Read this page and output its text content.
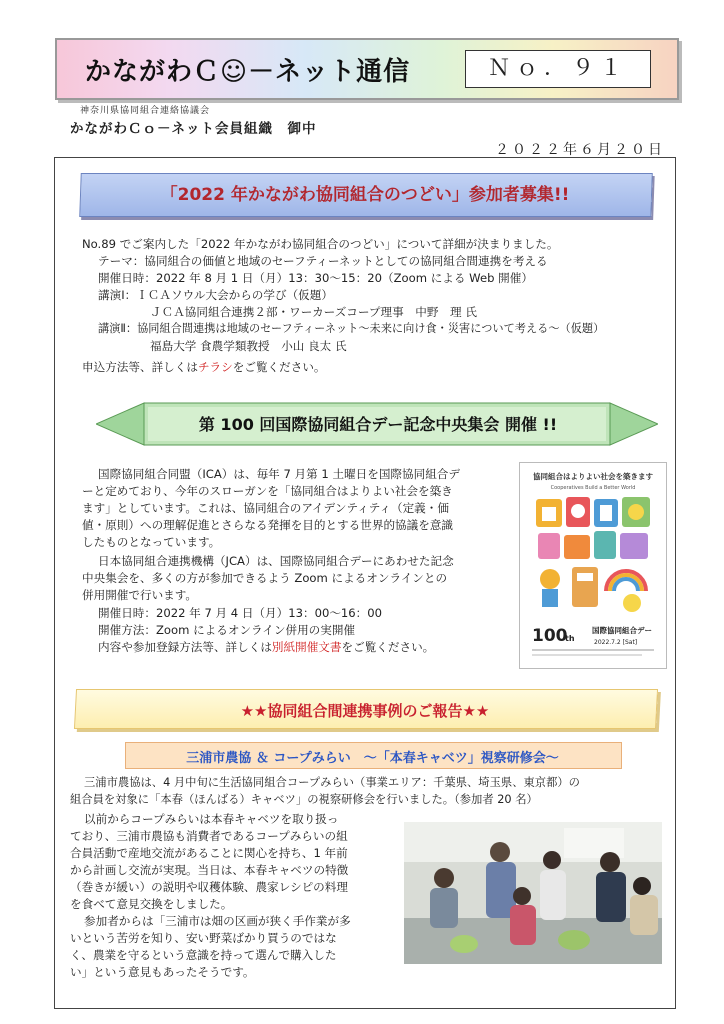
かながわＣ☺－ネット通信	Ｎｏ．９１
神奈川県協同組合連絡協議会
かながわＣｏ－ネット会員組織　御中
２０２２年６月２０日
「2022 年かながわ協同組合のつどい」参加者募集!!
No.89 でご案内した「2022 年かながわ協同組合のつどい」について詳細が決まりました。
テーマ：協同組合の価値と地域のセーフティーネットとしての協同組合間連携を考える
開催日時：2022 年 8 月 1 日（月）13：30～15：20（Zoom による Web 開催）
講演Ⅰ：ＩＣＡソウル大会からの学び（仮題）
ＪＣＡ協同組合連携２部・ワーカーズコープ理事　中野　理 氏
講演Ⅱ：協同組合間連携は地域のセーフティーネット～未来に向け食・災害について考える～（仮題）
福島大学 食農学類教授　小山 良太 氏
申込方法等、詳しくはチラシをご覧ください。
第 100 回国際協同組合デー記念中央集会 開催 !!
国際協同組合同盟（ICA）は、毎年 7 月第 1 土曜日を国際協同組合デ
ーと定めており、今年のスローガンを「協同組合はよりよい社会を築き
ます」としています。これは、協同組合のアイデンティティ（定義・価
値・原則）への理解促進とさらなる発揮を目的とする世界的協議を意識
したものとなっています。
日本協同組合連携機構（JCA）は、国際協同組合デーにあわせた記念
中央集会を、多くの方が参加できるよう Zoom によるオンラインとの
併用開催で行います。
開催日時：2022 年 7 月 4 日（月）13：00～16：00
開催方法：Zoom によるオンライン併用の実開催
内容や参加登録方法等、詳しくは別紙開催文書をご覧ください。
協同組合はよりよい社会を築きます
Cooperatives Build a Better World
100
th
国際協同組合デー
2022.7.2 [Sat]
★★協同組合間連携事例のご報告★★
三浦市農協 ＆ コープみらい　～「本春キャベツ」視察研修会～
三浦市農協は、4 月中旬に生活協同組合コープみらい（事業エリア：千葉県、埼玉県、東京都）の
組合員を対象に「本春（ほんばる）キャベツ」の視察研修会を行いました。（参加者 20 名）
以前からコープみらいは本春キャベツを取り扱っ
ており、三浦市農協も消費者であるコープみらいの組
合員活動で産地交流があることに関心を持ち、1 年前
から計画し交流が実現。当日は、本春キャベツの特徴
（巻きが緩い）の説明や収穫体験、農家レシピの料理
を食べて意見交換をしました。
参加者からは「三浦市は畑の区画が狭く手作業が多
いという苦労を知り、安い野菜ばかり買うのではな
く、農業を守るという意識を持って選んで購入した
い」という意見もあったそうです。
